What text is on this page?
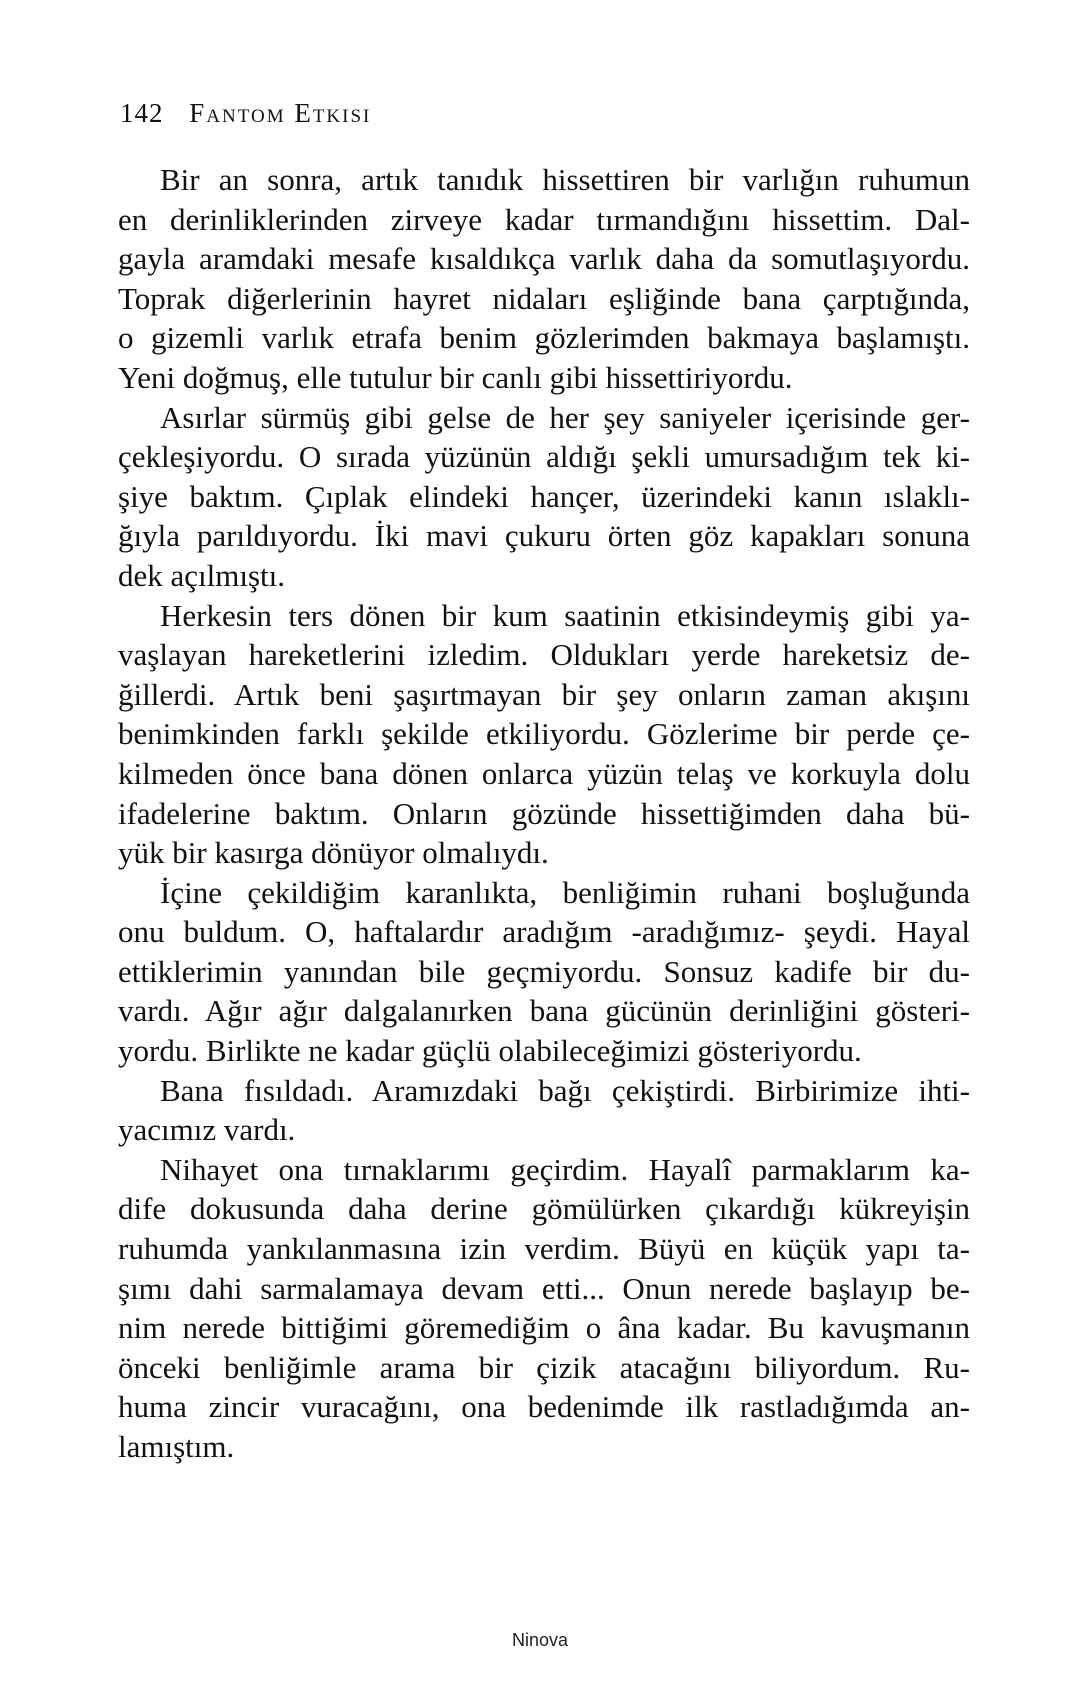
142 Fantom Etkisi
Bir an sonra, artık tanıdık hissettiren bir varlığın ruhumun
en derinliklerinden zirveye kadar tırmandığını hissettim. Dal-
gayla aramdaki mesafe kısaldıkça varlık daha da somutlaşıyordu.
Toprak diğerlerinin hayret nidaları eşliğinde bana çarptığında,
o gizemli varlık etrafa benim gözlerimden bakmaya başlamıştı.
Yeni doğmuş, elle tutulur bir canlı gibi hissettiriyordu.
Asırlar sürmüş gibi gelse de her şey saniyeler içerisinde ger-
çekleşiyordu. O sırada yüzünün aldığı şekli umursadığım tek ki-
şiye baktım. Çıplak elindeki hançer, üzerindeki kanın ıslaklı-
ğıyla parıldıyordu. İki mavi çukuru örten göz kapakları sonuna
dek açılmıştı.
Herkesin ters dönen bir kum saatinin etkisindeymiş gibi ya-
vaşlayan hareketlerini izledim. Oldukları yerde hareketsiz de-
ğillerdi. Artık beni şaşırtmayan bir şey onların zaman akışını
benimkinden farklı şekilde etkiliyordu. Gözlerime bir perde çe-
kilmeden önce bana dönen onlarca yüzün telaş ve korkuyla dolu
ifadelerine baktım. Onların gözünde hissettiğimden daha bü-
yük bir kasırga dönüyor olmalıydı.
İçine çekildiğim karanlıkta, benliğimin ruhani boşluğunda
onu buldum. O, haftalardır aradığım -aradığımız- şeydi. Hayal
ettiklerimin yanından bile geçmiyordu. Sonsuz kadife bir du-
vardı. Ağır ağır dalgalanırken bana gücünün derinliğini gösteri-
yordu. Birlikte ne kadar güçlü olabileceğimizi gösteriyordu.
Bana fısıldadı. Aramızdaki bağı çekiştirdi. Birbirimize ihti-
yacımız vardı.
Nihayet ona tırnaklarımı geçirdim. Hayalî parmaklarım ka-
dife dokusunda daha derine gömülürken çıkardığı kükreyişin
ruhumda yankılanmasına izin verdim. Büyü en küçük yapı ta-
şımı dahi sarmalamaya devam etti... Onun nerede başlayıp be-
nim nerede bittiğimi göremediğim o âna kadar. Bu kavuşmanın
önceki benliğimle arama bir çizik atacağını biliyordum. Ru-
huma zincir vuracağını, ona bedenimde ilk rastladığımda an-
lamıştım.
Ninova
